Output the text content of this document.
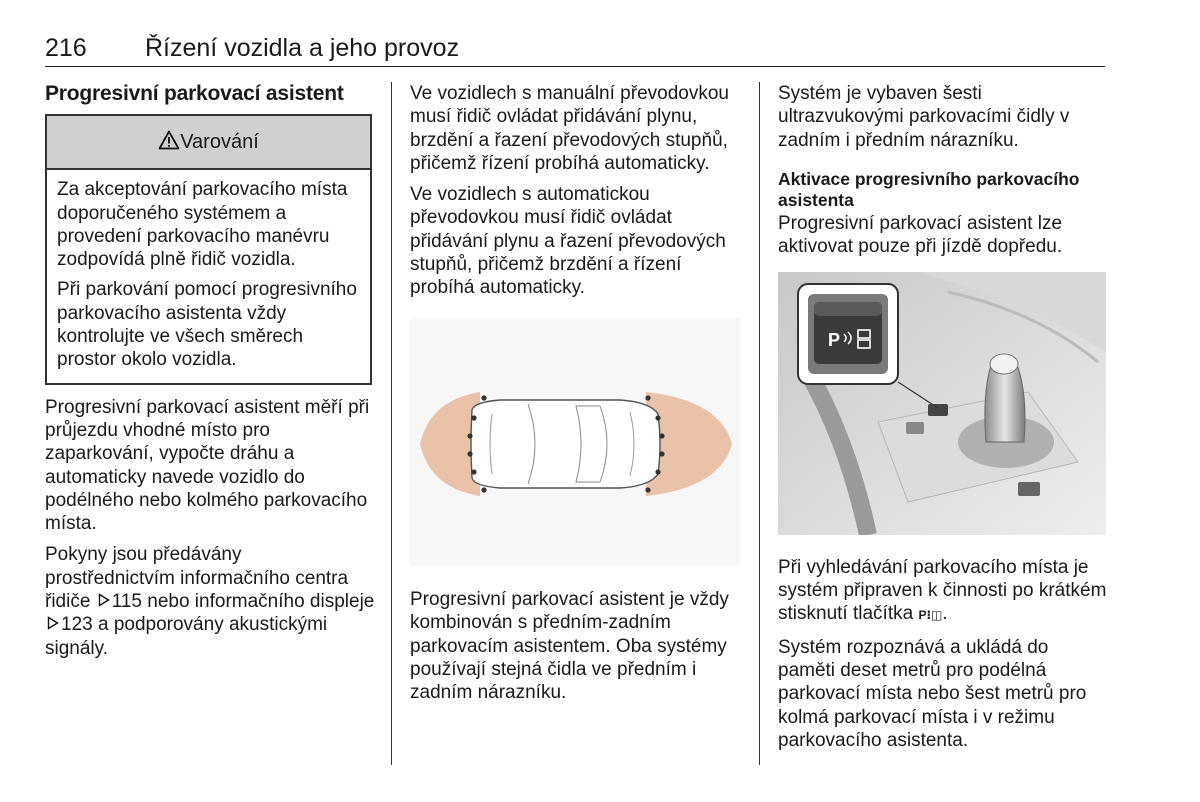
216 Řízení vozidla a jeho provoz
Progresivní parkovací asistent
Varování

Za akceptování parkovacího místa doporučeného systémem a provedení parkovacího manévru zodpovídá plně řidič vozidla.

Při parkování pomocí progresivního parkovacího asistenta vždy kontrolujte ve všech směrech prostor okolo vozidla.

Progresivní parkovací asistent měří při průjezdu vhodné místo pro zaparkování, vypočte dráhu a automaticky navede vozidlo do podélného nebo kolmého parkovacího místa.

Pokyny jsou předávány prostřednictvím informačního centra řidiče 115 nebo informačního displeje 123 a podporovány akustickými signály.

Ve vozidlech s manuální převodovkou musí řidič ovládat přidávání plynu, brzdění a řazení převodových stupňů, přičemž řízení probíhá automaticky.

Ve vozidlech s automatickou převodovkou musí řidič ovládat přidávání plynu a řazení převodových stupňů, přičemž brzdění a řízení probíhá automaticky.

Progresivní parkovací asistent je vždy kombinován s předním-zadním parkovacím asistentem. Oba systémy používají stejná čidla ve předním i zadním nárazníku.

Systém je vybaven šesti ultrazvukovými parkovacími čidly v zadním i předním nárazníku.

Aktivace progresivního parkovacího asistenta

Progresivní parkovací asistent lze aktivovat pouze při jízdě dopředu.

P

Při vyhledávání parkovacího místa je systém připraven k činnosti po krátkém stisknutí tlačítka P⁝◫.

Systém rozpoznává a ukládá do paměti deset metrů pro podélná parkovací místa nebo šest metrů pro kolmá parkovací místa i v režimu parkovacího asistenta.
